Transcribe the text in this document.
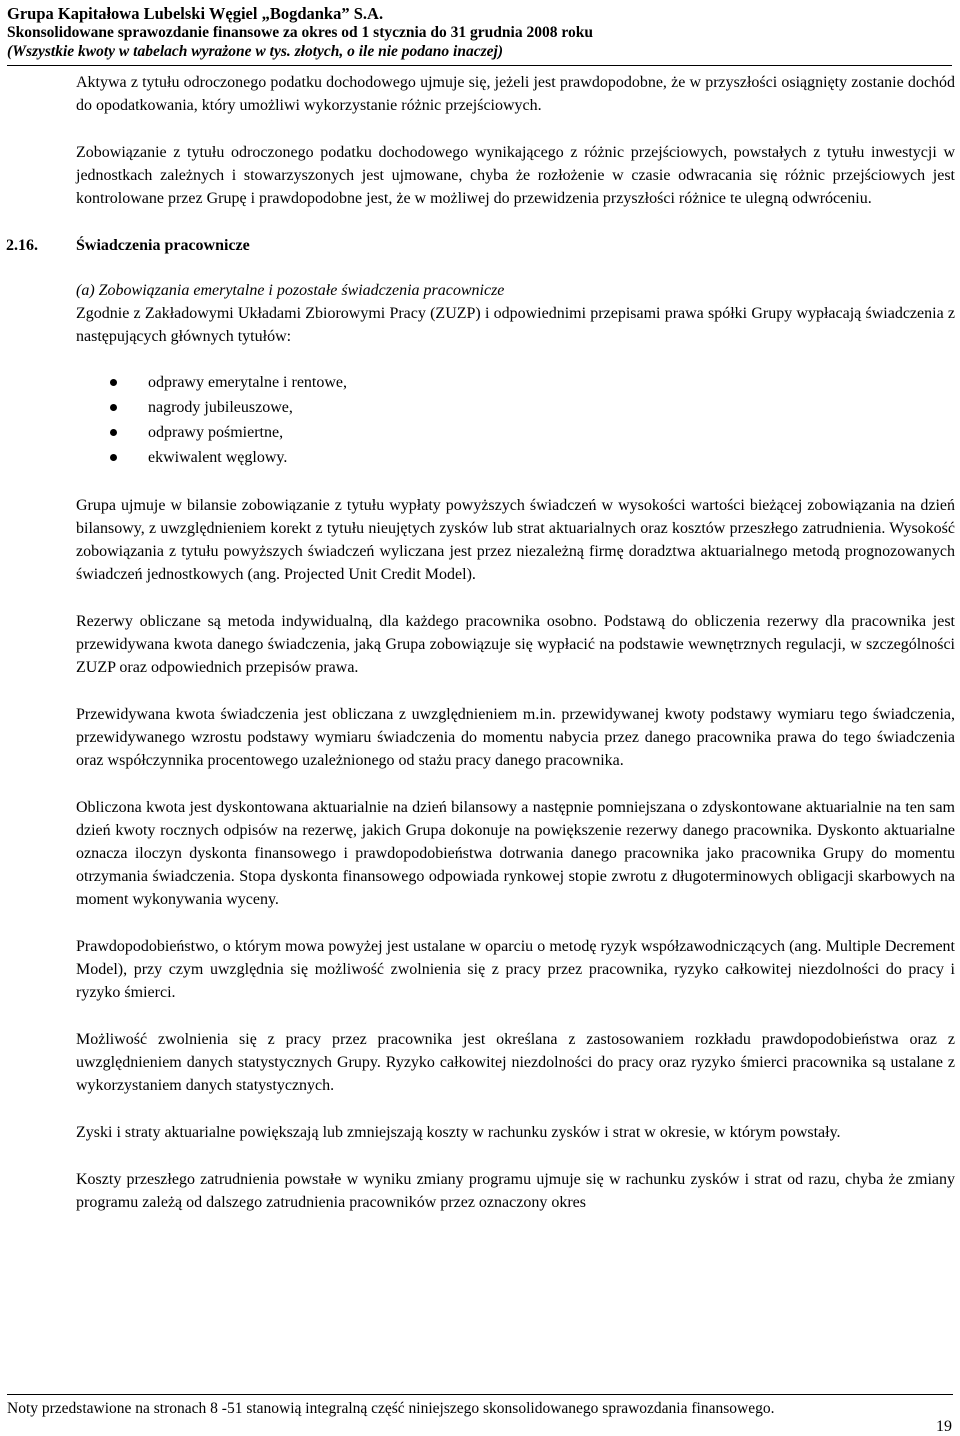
Grupa Kapitałowa Lubelski Węgiel „Bogdanka” S.A.
Skonsolidowane sprawozdanie finansowe za okres od 1 stycznia do 31 grudnia 2008 roku
(Wszystkie kwoty w tabelach wyrażone w tys. złotych, o ile nie podano inaczej)

Aktywa z tytułu odroczonego podatku dochodowego ujmuje się, jeżeli jest prawdopodobne, że w przyszłości osiągnięty zostanie dochód do opodatkowania, który umożliwi wykorzystanie różnic przejściowych.

Zobowiązanie z tytułu odroczonego podatku dochodowego wynikającego z różnic przejściowych, powstałych z tytułu inwestycji w jednostkach zależnych i stowarzyszonych jest ujmowane, chyba że rozłożenie w czasie odwracania się różnic przejściowych jest kontrolowane przez Grupę i prawdopodobne jest, że w możliwej do przewidzenia przyszłości różnice te ulegną odwróceniu.

2.16. Świadczenia pracownicze

(a) Zobowiązania emerytalne i pozostałe świadczenia pracownicze

Zgodnie z Zakładowymi Układami Zbiorowymi Pracy (ZUZP) i odpowiednimi przepisami prawa spółki Grupy wypłacają świadczenia z następujących głównych tytułów:

odprawy emerytalne i rentowe,
nagrody jubileuszowe,
odprawy pośmiertne,
ekwiwalent węglowy.

Grupa ujmuje w bilansie zobowiązanie z tytułu wypłaty powyższych świadczeń w wysokości wartości bieżącej zobowiązania na dzień bilansowy, z uwzględnieniem korekt z tytułu nieujętych zysków lub strat aktuarialnych oraz kosztów przeszłego zatrudnienia. Wysokość zobowiązania z tytułu powyższych świadczeń wyliczana jest przez niezależną firmę doradztwa aktuarialnego metodą prognozowanych świadczeń jednostkowych (ang. Projected Unit Credit Model).

Rezerwy obliczane są metoda indywidualną, dla każdego pracownika osobno. Podstawą do obliczenia rezerwy dla pracownika jest przewidywana kwota danego świadczenia, jaką Grupa zobowiązuje się wypłacić na podstawie wewnętrznych regulacji, w szczególności ZUZP oraz odpowiednich przepisów prawa.

Przewidywana kwota świadczenia jest obliczana z uwzględnieniem m.in. przewidywanej kwoty podstawy wymiaru tego świadczenia, przewidywanego wzrostu podstawy wymiaru świadczenia do momentu nabycia przez danego pracownika prawa do tego świadczenia oraz współczynnika procentowego uzależnionego od stażu pracy danego pracownika.

Obliczona kwota jest dyskontowana aktuarialnie na dzień bilansowy a następnie pomniejszana o zdyskontowane aktuarialnie na ten sam dzień kwoty rocznych odpisów na rezerwę, jakich Grupa dokonuje na powiększenie rezerwy danego pracownika. Dyskonto aktuarialne oznacza iloczyn dyskonta finansowego i prawdopodobieństwa dotrwania danego pracownika jako pracownika Grupy do momentu otrzymania świadczenia. Stopa dyskonta finansowego odpowiada rynkowej stopie zwrotu z długoterminowych obligacji skarbowych na moment wykonywania wyceny.

Prawdopodobieństwo, o którym mowa powyżej jest ustalane w oparciu o metodę ryzyk współzawodniczących (ang. Multiple Decrement Model), przy czym uwzględnia się możliwość zwolnienia się z pracy przez pracownika, ryzyko całkowitej niezdolności do pracy i ryzyko śmierci.

Możliwość zwolnienia się z pracy przez pracownika jest określana z zastosowaniem rozkładu prawdopodobieństwa oraz z uwzględnieniem danych statystycznych Grupy. Ryzyko całkowitej niezdolności do pracy oraz ryzyko śmierci pracownika są ustalane z wykorzystaniem danych statystycznych.

Zyski i straty aktuarialne powiększają lub zmniejszają koszty w rachunku zysków i strat w okresie, w którym powstały.

Koszty przeszłego zatrudnienia powstałe w wyniku zmiany programu ujmuje się w rachunku zysków i strat od razu, chyba że zmiany programu zależą od dalszego zatrudnienia pracowników przez oznaczony okres

Noty przedstawione na stronach 8 -51 stanowią integralną część niniejszego skonsolidowanego sprawozdania finansowego.
19
